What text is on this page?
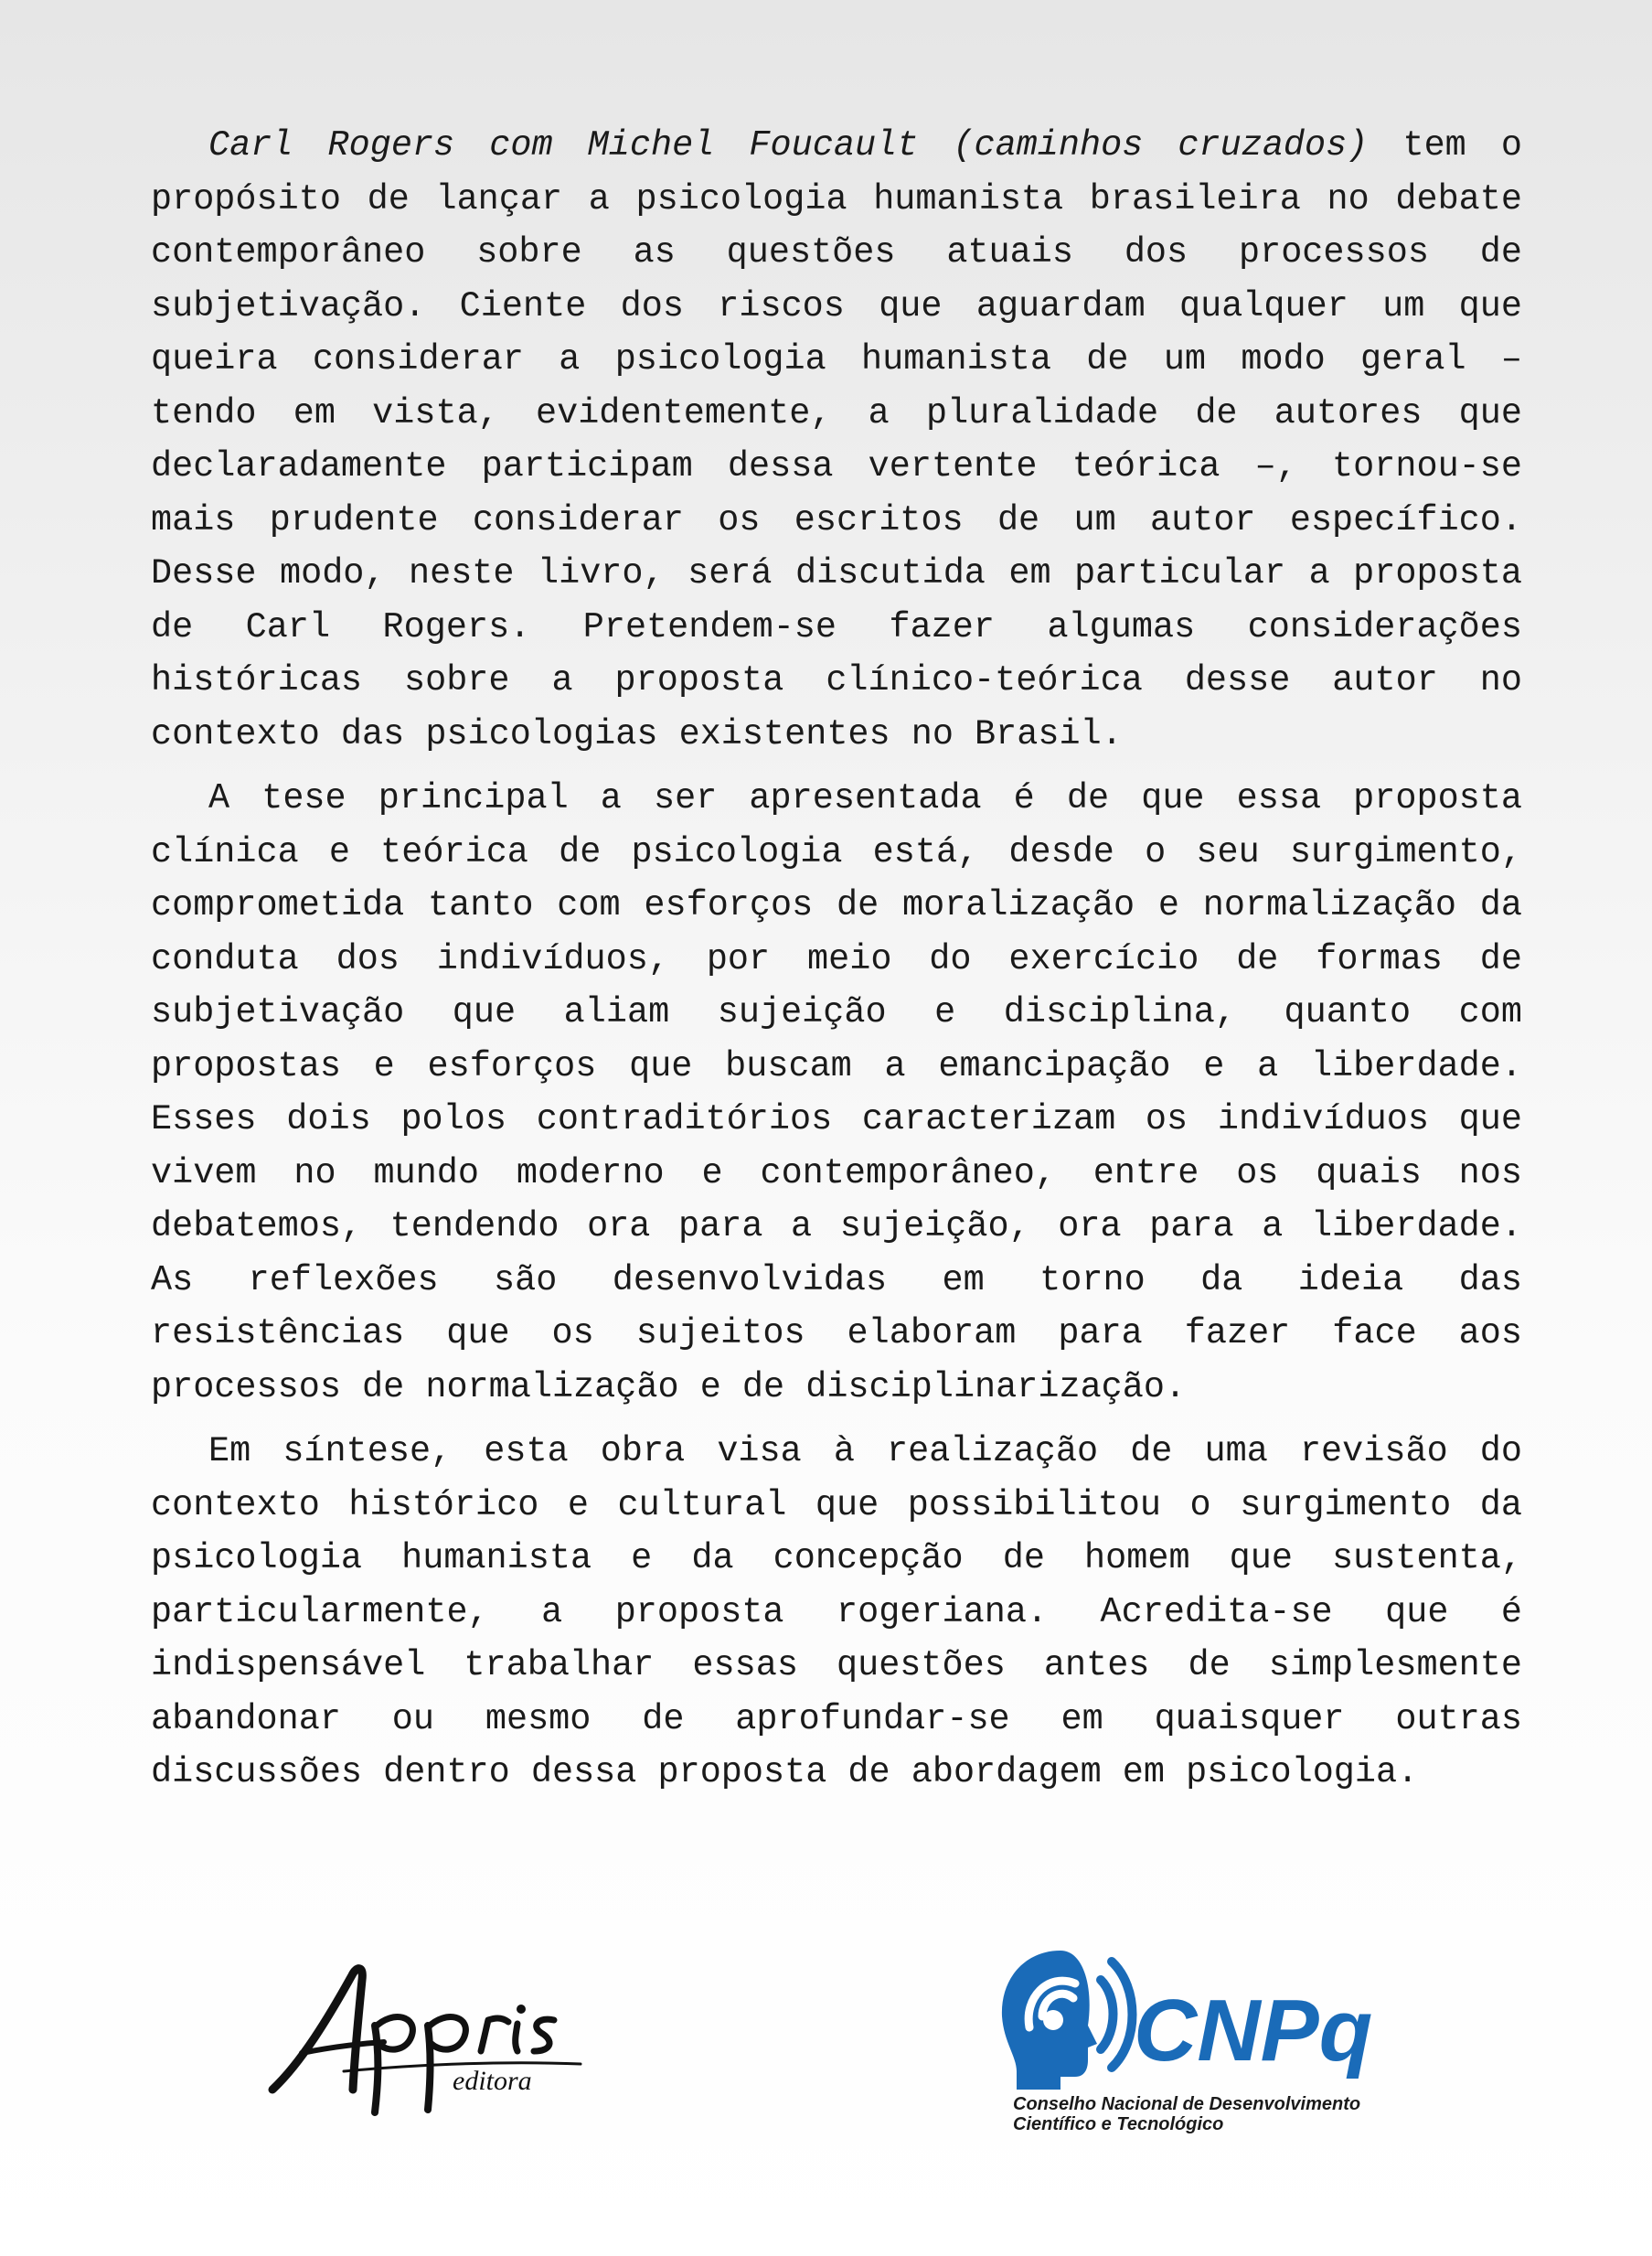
Carl Rogers com Michel Foucault (caminhos cruzados) tem o propósito de lançar a psicologia humanista brasileira no debate contemporâneo sobre as questões atuais dos processos de subjetivação. Ciente dos riscos que aguardam qualquer um que queira considerar a psicologia humanista de um modo geral – tendo em vista, evidentemente, a pluralidade de autores que declaradamente participam dessa vertente teórica –, tornou-se mais prudente considerar os escritos de um autor específico. Desse modo, neste livro, será discutida em particular a proposta de Carl Rogers. Pretendem-se fazer algumas considerações históricas sobre a proposta clínico-teórica desse autor no contexto das psicologias existentes no Brasil.

A tese principal a ser apresentada é de que essa proposta clínica e teórica de psicologia está, desde o seu surgimento, comprometida tanto com esforços de moralização e normalização da conduta dos indivíduos, por meio do exercício de formas de subjetivação que aliam sujeição e disciplina, quanto com propostas e esforços que buscam a emancipação e a liberdade. Esses dois polos contraditórios caracterizam os indivíduos que vivem no mundo moderno e contemporâneo, entre os quais nos debatemos, tendendo ora para a sujeição, ora para a liberdade. As reflexões são desenvolvidas em torno da ideia das resistências que os sujeitos elaboram para fazer face aos processos de normalização e de disciplinarização.

Em síntese, esta obra visa à realização de uma revisão do contexto histórico e cultural que possibilitou o surgimento da psicologia humanista e da concepção de homem que sustenta, particularmente, a proposta rogeriana. Acredita-se que é indispensável trabalhar essas questões antes de simplesmente abandonar ou mesmo de aprofundar-se em quaisquer outras discussões dentro dessa proposta de abordagem em psicologia.

editora
CNPq
Conselho Nacional de Desenvolvimento
Científico e Tecnológico
